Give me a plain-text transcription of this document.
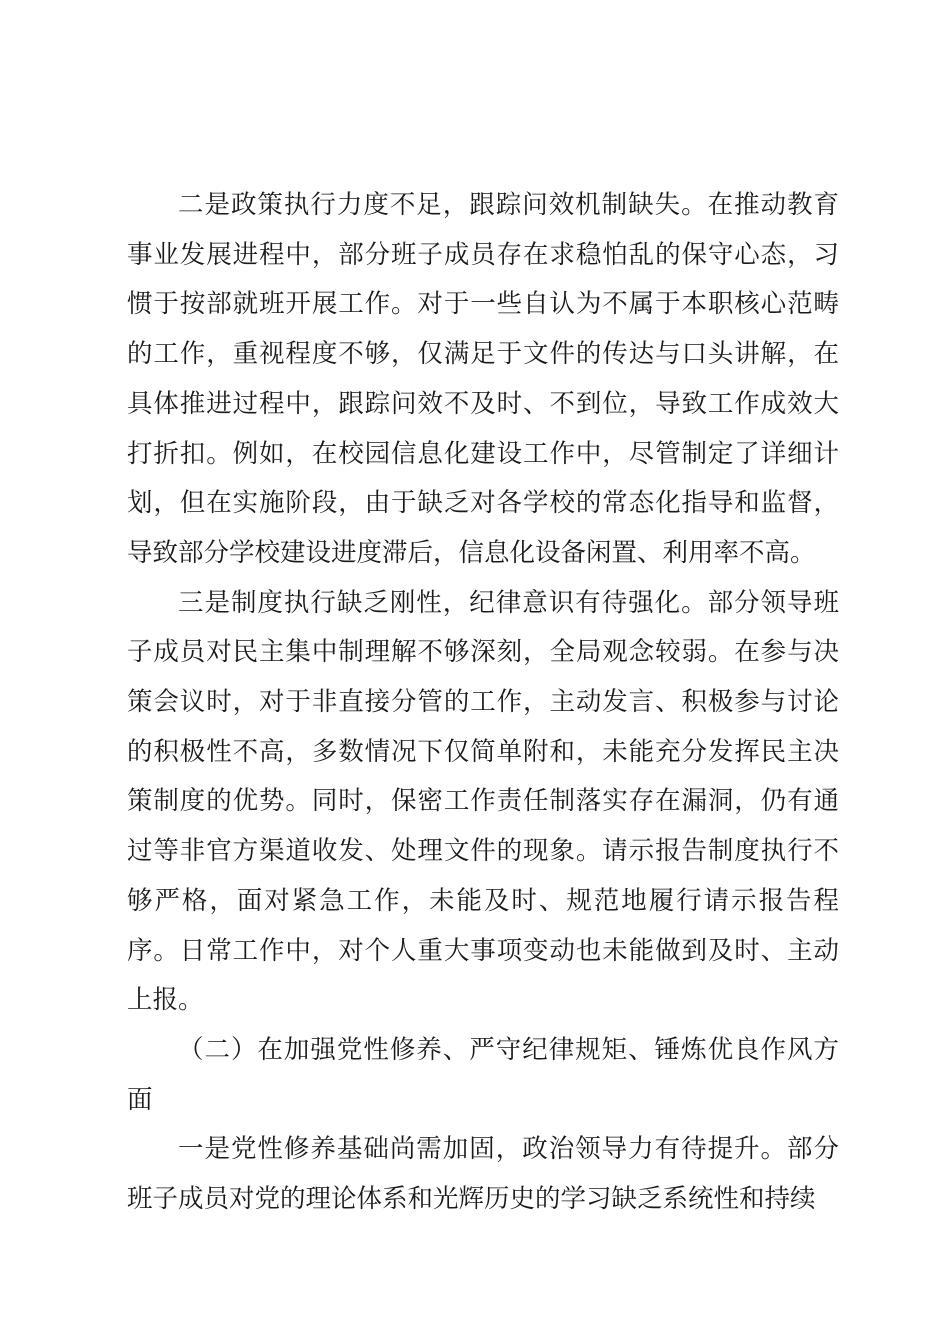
二是政策执行力度不足，跟踪问效机制缺失。在推动教育事业发展进程中，部分班子成员存在求稳怕乱的保守心态，习惯于按部就班开展工作。对于一些自认为不属于本职核心范畴的工作，重视程度不够，仅满足于文件的传达与口头讲解，在具体推进过程中，跟踪问效不及时、不到位，导致工作成效大打折扣。例如，在校园信息化建设工作中，尽管制定了详细计划，但在实施阶段，由于缺乏对各学校的常态化指导和监督，导致部分学校建设进度滞后，信息化设备闲置、利用率不高。

三是制度执行缺乏刚性，纪律意识有待强化。部分领导班子成员对民主集中制理解不够深刻，全局观念较弱。在参与决策会议时，对于非直接分管的工作，主动发言、积极参与讨论的积极性不高，多数情况下仅简单附和，未能充分发挥民主决策制度的优势。同时，保密工作责任制落实存在漏洞，仍有通过等非官方渠道收发、处理文件的现象。请示报告制度执行不够严格，面对紧急工作，未能及时、规范地履行请示报告程序。日常工作中，对个人重大事项变动也未能做到及时、主动上报。

（二）在加强党性修养、严守纪律规矩、锤炼优良作风方面

一是党性修养基础尚需加固，政治领导力有待提升。部分班子成员对党的理论体系和光辉历史的学习缺乏系统性和持续
